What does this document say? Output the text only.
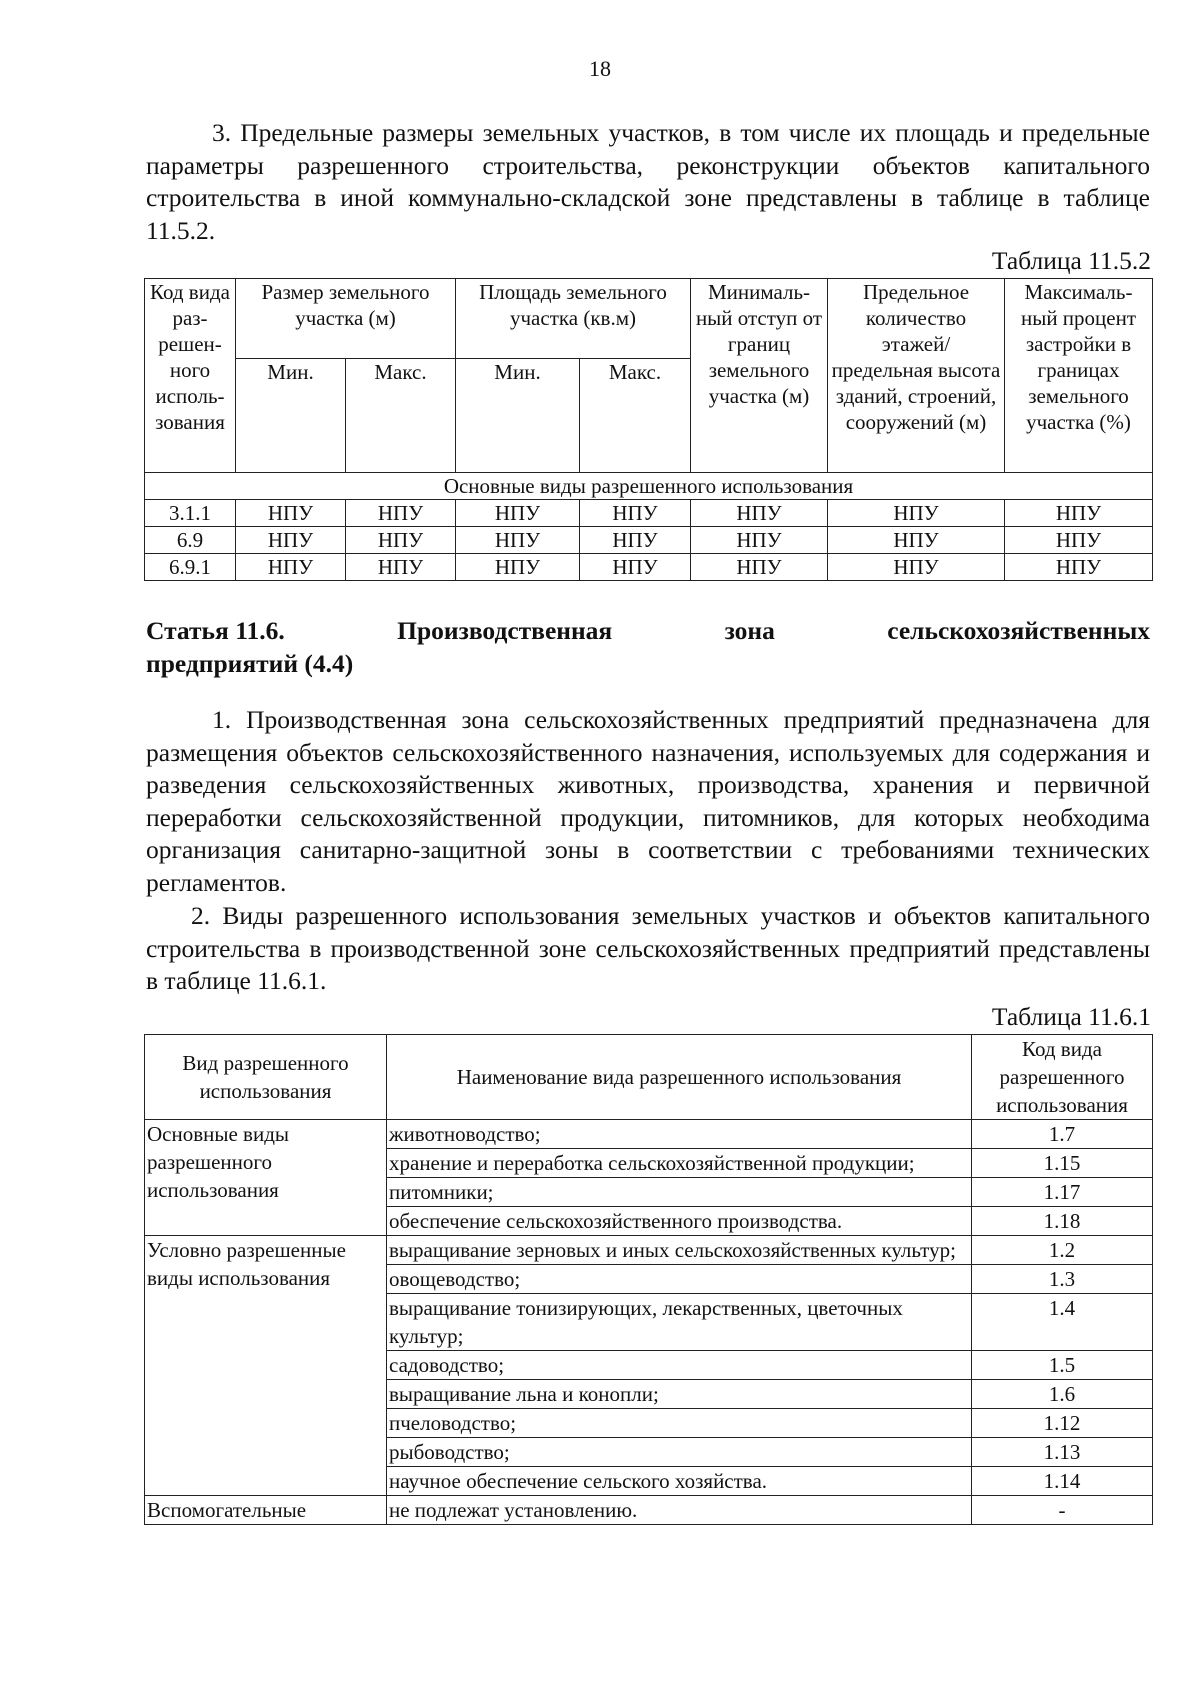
18

3. Предельные размеры земельных участков, в том числе их площадь и предельные параметры разрешенного строительства, реконструкции объектов капитального строительства в иной коммунально-складской зоне представлены в таблице в таблице 11.5.2.

Таблица 11.5.2
Код вида раз-решен-ного исполь-зования	Размер земельного участка (м)		Площадь земельного участка (кв.м)		Минималь-ный отступ от границ земельного участка (м)	Предельное количество этажей/ предельная высота зданий, строений, сооружений (м)	Максималь-ный процент застройки в границах земельного участка (%)
	Мин.	Макс.	Мин.	Макс.			
Основные виды разрешенного использования							
3.1.1	НПУ	НПУ	НПУ	НПУ	НПУ	НПУ	НПУ
6.9	НПУ	НПУ	НПУ	НПУ	НПУ	НПУ	НПУ
6.9.1	НПУ	НПУ	НПУ	НПУ	НПУ	НПУ	НПУ
Статья 11.6.	Производственная	зона	сельскохозяйственных
предприятий (4.4)

1. Производственная зона сельскохозяйственных предприятий предназначена для размещения объектов сельскохозяйственного назначения, используемых для содержания и разведения сельскохозяйственных животных, производства, хранения и первичной переработки сельскохозяйственной продукции, питомников, для которых необходима организация санитарно-защитной зоны в соответствии с требованиями технических регламентов.

2. Виды разрешенного использования земельных участков и объектов капитального строительства в производственной зоне сельскохозяйственных предприятий представлены в таблице 11.6.1.

Таблица 11.6.1
Вид разрешенного использования	Наименование вида разрешенного использования	Код вида разрешенного использования
Основные виды разрешенного использования	животноводство;	1.7
	хранение и переработка сельскохозяйственной продукции;	1.15
	питомники;	1.17
	обеспечение сельскохозяйственного производства.	1.18
Условно разрешенные виды использования	выращивание зерновых и иных сельскохозяйственных культур;	1.2
	овощеводство;	1.3
	выращивание тонизирующих, лекарственных, цветочных культур;	1.4
	садоводство;	1.5
	выращивание льна и конопли;	1.6
	пчеловодство;	1.12
	рыбоводство;	1.13
	научное обеспечение сельского хозяйства.	1.14
Вспомогательные	не подлежат установлению.	-
